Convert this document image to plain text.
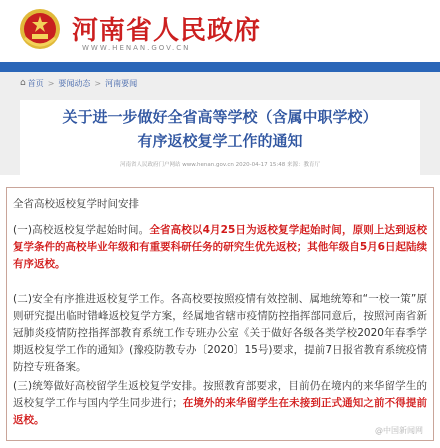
河南省人民政府
WWW.HENAN.GOV.CN
⌂ 首页 > 要闻动态 > 河南要闻
关于进一步做好全省高等学校（含属中职学校）
有序返校复学工作的通知
河南省人民政府门户网站 www.henan.gov.cn 2020-04-17 15:48 来源：教育厅
全省高校返校复学时间安排
(一)高校返校复学起始时间。全省高校以4月25日为返校复学起始时间，原则上达到返校复学条件的高校毕业年级和有重要科研任务的研究生优先返校；其他年级自5月6日起陆续有序返校。
(二)安全有序推进返校复学工作。各高校要按照疫情有效控制、属地统筹和“一校一策”原则研究提出临时错峰返校复学方案，经属地省辖市疫情防控指挥部同意后，按照河南省新冠肺炎疫情防控指挥部教育系统工作专班办公室《关于做好各级各类学校2020年春季学期返校复学工作的通知》(豫疫防教专办〔2020〕15号)要求，提前7日报省教育系统疫情防控专班备案。
(三)统筹做好高校留学生返校复学安排。按照教育部要求，目前仍在境内的来华留学生的返校复学工作与国内学生同步进行；在境外的来华留学生在未接到正式通知之前不得提前返校。
@中国新闻网
